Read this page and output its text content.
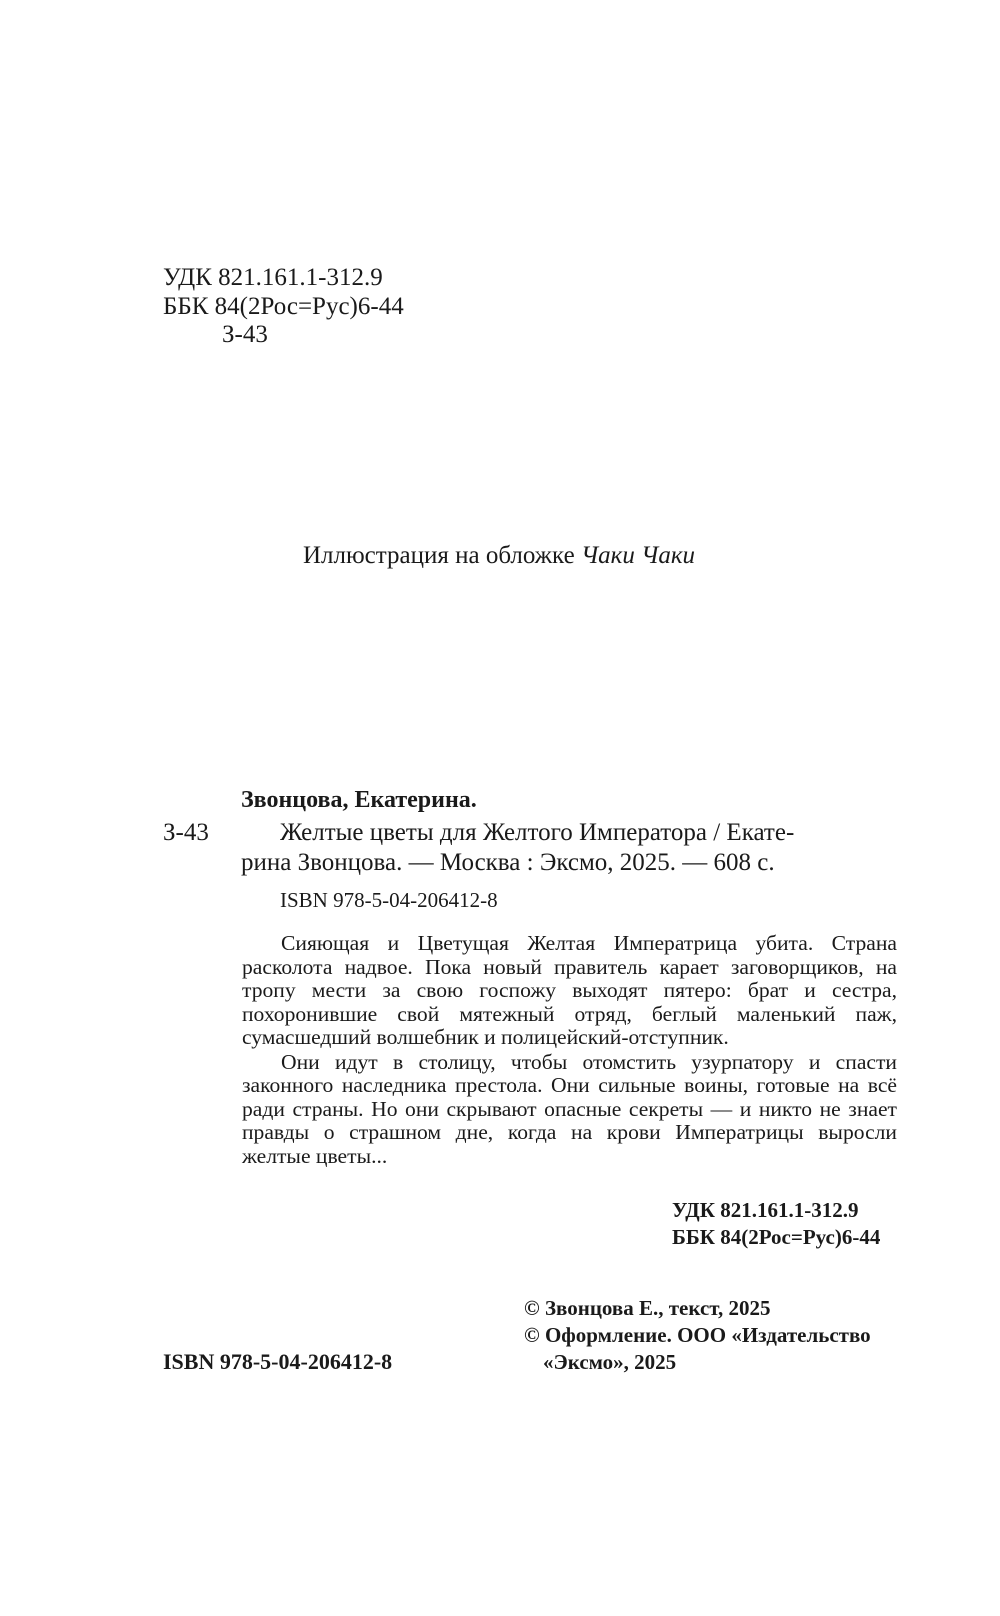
УДК 821.161.1-312.9
ББК 84(2Рос=Рус)6-44
З-43
Иллюстрация на обложке Чаки Чаки
Звонцова, Екатерина.
З-43	Желтые цветы для Желтого Императора / Екате-
рина Звонцова. — Москва : Эксмо, 2025. — 608 с.
ISBN 978-5-04-206412-8

Сияющая и Цветущая Желтая Императрица убита. Страна расколота надвое. Пока новый правитель карает заговорщиков, на тропу мести за свою госпожу выходят пятеро: брат и сестра, похоронившие свой мятежный отряд, беглый маленький паж, сумасшедший волшебник и полицейский-отступник.

Они идут в столицу, чтобы отомстить узурпатору и спасти законного наследника престола. Они сильные воины, готовые на всё ради страны. Но они скрывают опасные секреты — и никто не знает правды о страшном дне, когда на крови Императрицы выросли желтые цветы...

УДК 821.161.1-312.9
ББК 84(2Рос=Рус)6-44
© Звонцова Е., текст, 2025
© Оформление. ООО «Издательство
«Эксмо», 2025
ISBN 978-5-04-206412-8
